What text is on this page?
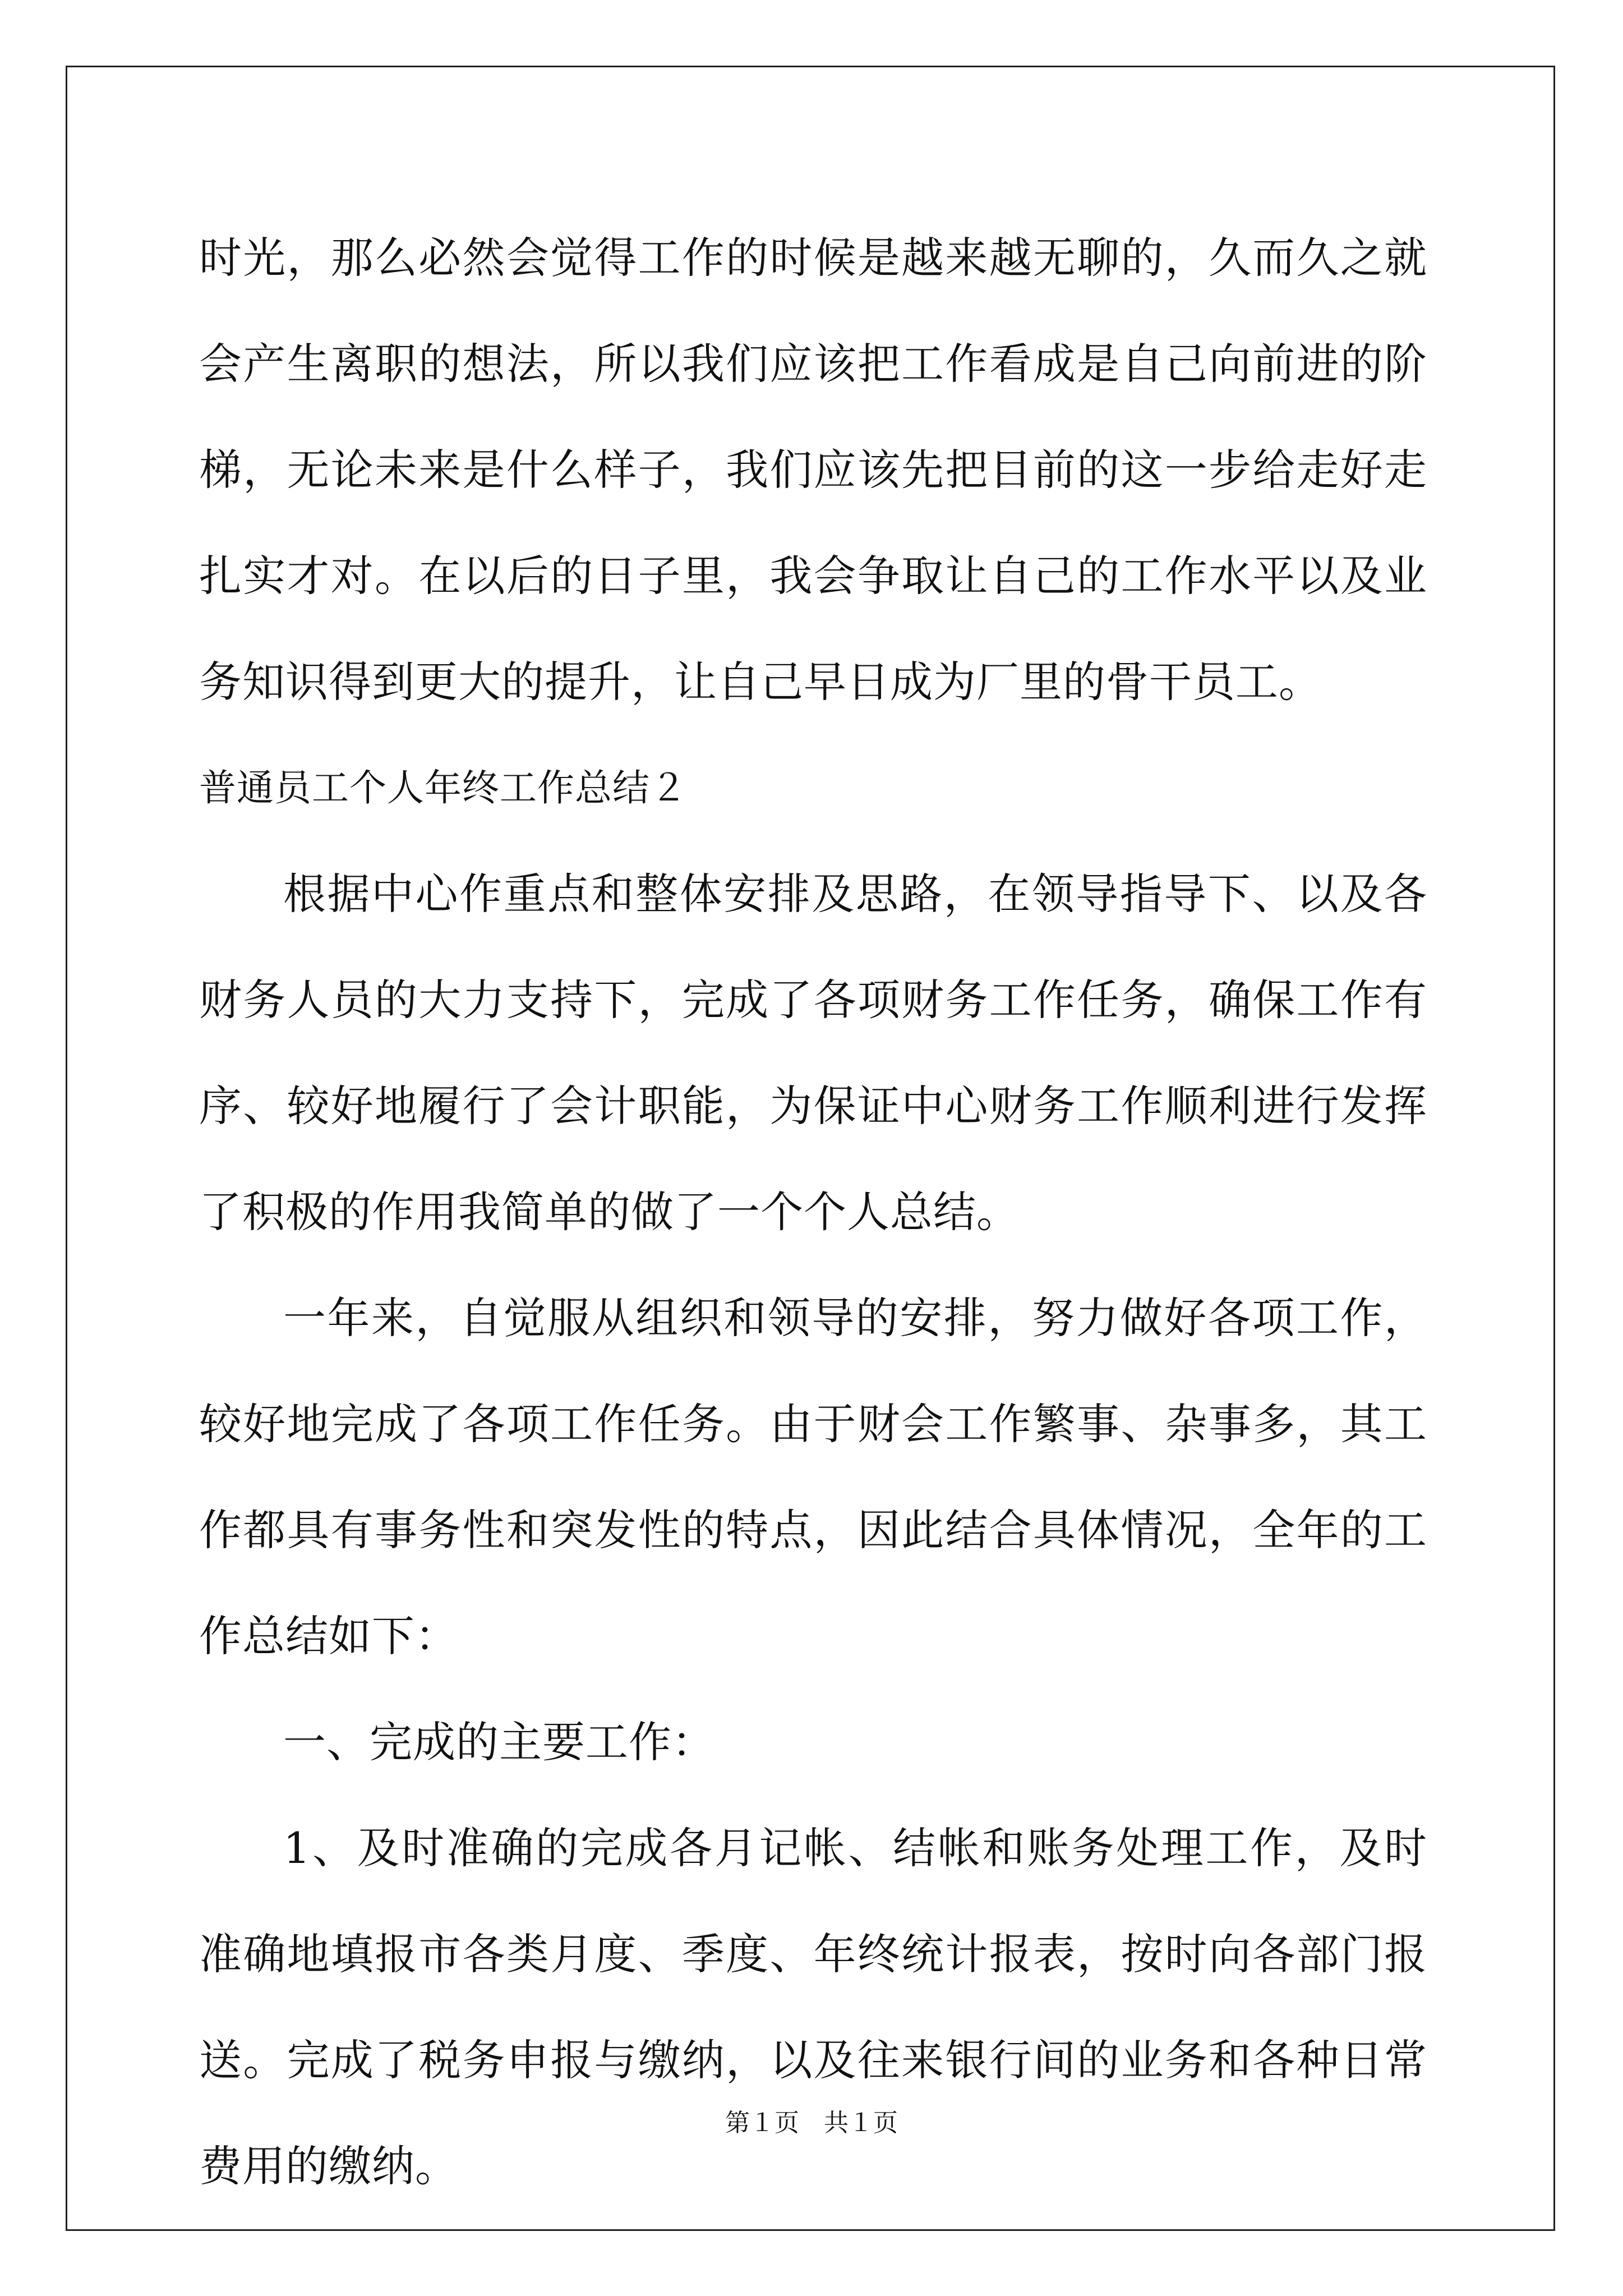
时光，那么必然会觉得工作的时候是越来越无聊的，久而久之就会产生离职的想法，所以我们应该把工作看成是自己向前进的阶梯，无论未来是什么样子，我们应该先把目前的这一步给走好走扎实才对。在以后的日子里，我会争取让自己的工作水平以及业务知识得到更大的提升，让自己早日成为厂里的骨干员工。

普通员工个人年终工作总结２

根据中心作重点和整体安排及思路，在领导指导下、以及各财务人员的大力支持下，完成了各项财务工作任务，确保工作有序、较好地履行了会计职能，为保证中心财务工作顺利进行发挥了积极的作用我简单的做了一个个人总结。

一年来，自觉服从组织和领导的安排，努力做好各项工作，较好地完成了各项工作任务。由于财会工作繁事、杂事多，其工作都具有事务性和突发性的特点，因此结合具体情况，全年的工作总结如下：

一、完成的主要工作：

1、及时准确的完成各月记帐、结帐和账务处理工作，及时准确地填报市各类月度、季度、年终统计报表，按时向各部门报送。完成了税务申报与缴纳，以及往来银行间的业务和各种日常费用的缴纳。

第１页　共１页
